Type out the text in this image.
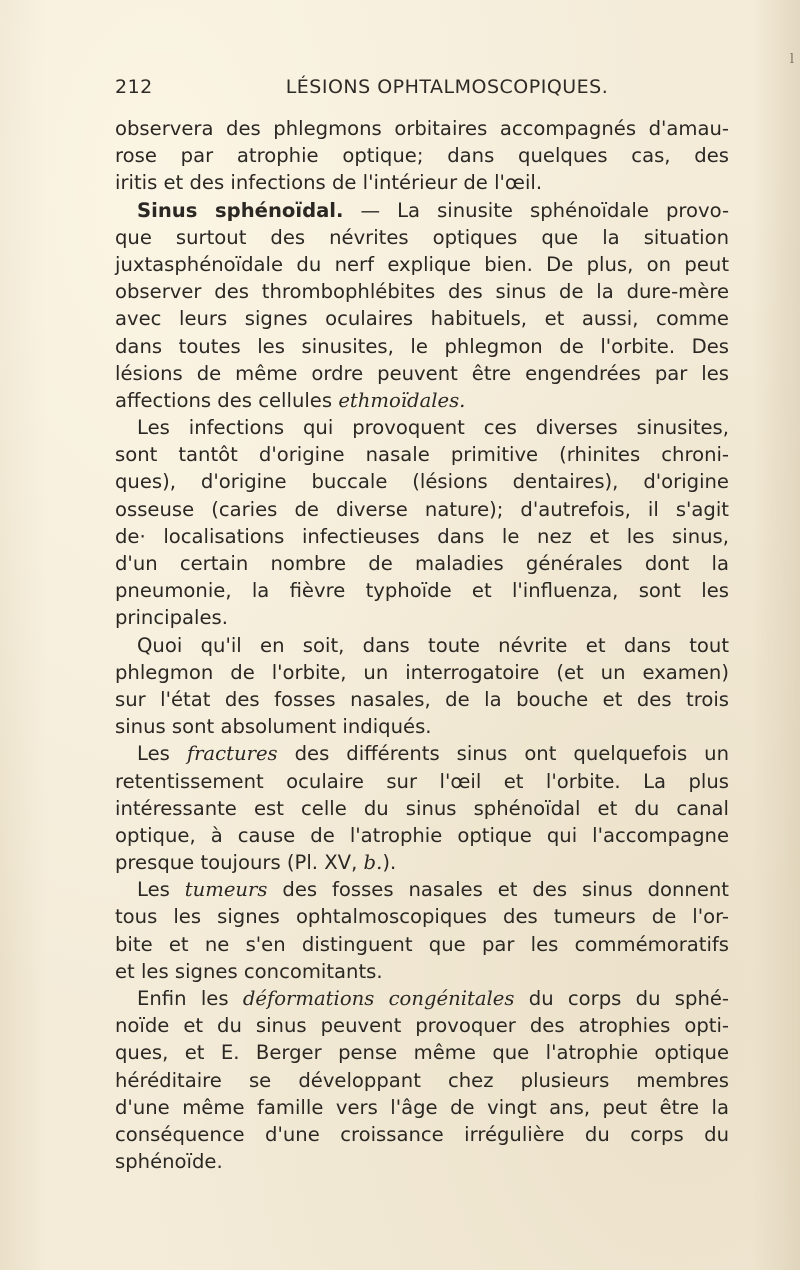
l
212	LÉSIONS OPHTALMOSCOPIQUES.
observera des phlegmons orbitaires accompagnés d'amau-
rose par atrophie optique; dans quelques cas, des
iritis et des infections de l'intérieur de l'œil.
Sinus sphénoïdal. — La sinusite sphénoïdale provo-
que surtout des névrites optiques que la situation
juxtasphénoïdale du nerf explique bien. De plus, on peut
observer des thrombophlébites des sinus de la dure-mère
avec leurs signes oculaires habituels, et aussi, comme
dans toutes les sinusites, le phlegmon de l'orbite. Des
lésions de même ordre peuvent être engendrées par les
affections des cellules ethmoïdales.
Les infections qui provoquent ces diverses sinusites,
sont tantôt d'origine nasale primitive (rhinites chroni-
ques), d'origine buccale (lésions dentaires), d'origine
osseuse (caries de diverse nature); d'autrefois, il s'agit
de· localisations infectieuses dans le nez et les sinus,
d'un certain nombre de maladies générales dont la
pneumonie, la fièvre typhoïde et l'influenza, sont les
principales.
Quoi qu'il en soit, dans toute névrite et dans tout
phlegmon de l'orbite, un interrogatoire (et un examen)
sur l'état des fosses nasales, de la bouche et des trois
sinus sont absolument indiqués.
Les fractures des différents sinus ont quelquefois un
retentissement oculaire sur l'œil et l'orbite. La plus
intéressante est celle du sinus sphénoïdal et du canal
optique, à cause de l'atrophie optique qui l'accompagne
presque toujours (Pl. XV, b.).
Les tumeurs des fosses nasales et des sinus donnent
tous les signes ophtalmoscopiques des tumeurs de l'or-
bite et ne s'en distinguent que par les commémoratifs
et les signes concomitants.
Enfin les déformations congénitales du corps du sphé-
noïde et du sinus peuvent provoquer des atrophies opti-
ques, et E. Berger pense même que l'atrophie optique
héréditaire se développant chez plusieurs membres
d'une même famille vers l'âge de vingt ans, peut être la
conséquence d'une croissance irrégulière du corps du
sphénoïde.
